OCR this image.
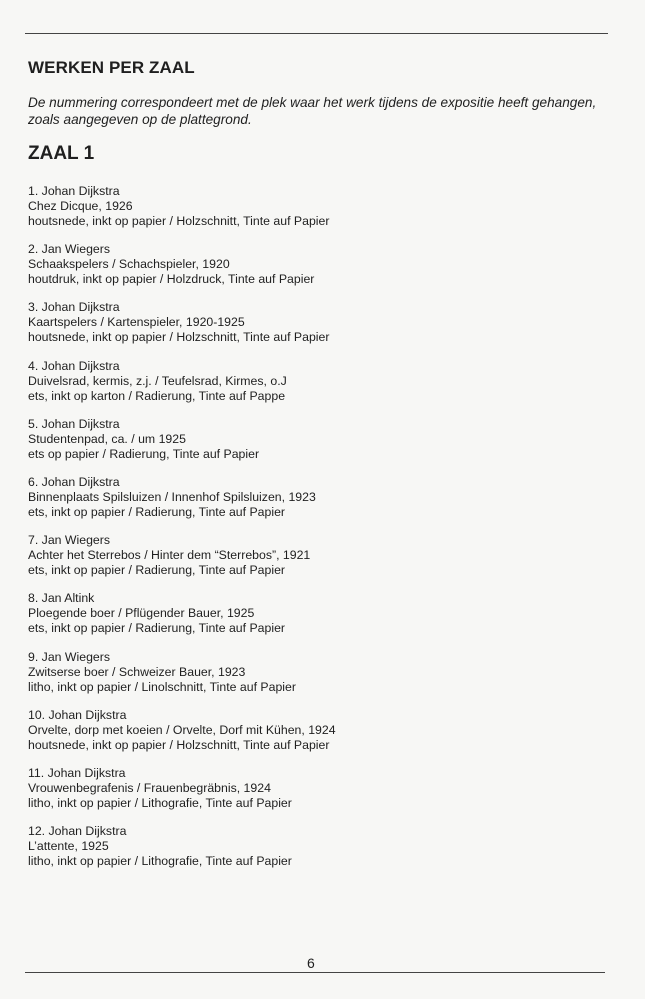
WERKEN PER ZAAL

De nummering correspondeert met de plek waar het werk tijdens de expositie heeft gehangen, zoals aangegeven op de plattegrond.

ZAAL 1
1. Johan Dijkstra
Chez Dicque, 1926
houtsnede, inkt op papier / Holzschnitt, Tinte auf Papier
2. Jan Wiegers
Schaakspelers / Schachspieler, 1920
houtdruk, inkt op papier / Holzdruck, Tinte auf Papier
3. Johan Dijkstra
Kaartspelers / Kartenspieler, 1920-1925
houtsnede, inkt op papier / Holzschnitt, Tinte auf Papier
4. Johan Dijkstra
Duivelsrad, kermis, z.j. / Teufelsrad, Kirmes, o.J
ets, inkt op karton / Radierung, Tinte auf Pappe
5. Johan Dijkstra
Studentenpad, ca. / um 1925
ets op papier / Radierung, Tinte auf Papier
6. Johan Dijkstra
Binnenplaats Spilsluizen / Innenhof Spilsluizen, 1923
ets, inkt op papier / Radierung, Tinte auf Papier
7. Jan Wiegers
Achter het Sterrebos / Hinter dem “Sterrebos”, 1921
ets, inkt op papier / Radierung, Tinte auf Papier
8. Jan Altink
Ploegende boer / Pflügender Bauer, 1925
ets, inkt op papier / Radierung, Tinte auf Papier
9. Jan Wiegers
Zwitserse boer / Schweizer Bauer, 1923
litho, inkt op papier / Linolschnitt, Tinte auf Papier
10. Johan Dijkstra
Orvelte, dorp met koeien / Orvelte, Dorf mit Kühen, 1924
houtsnede, inkt op papier / Holzschnitt, Tinte auf Papier
11. Johan Dijkstra
Vrouwenbegrafenis / Frauenbegräbnis, 1924
litho, inkt op papier / Lithografie, Tinte auf Papier
12. Johan Dijkstra
L’attente, 1925
litho, inkt op papier / Lithografie, Tinte auf Papier
6
